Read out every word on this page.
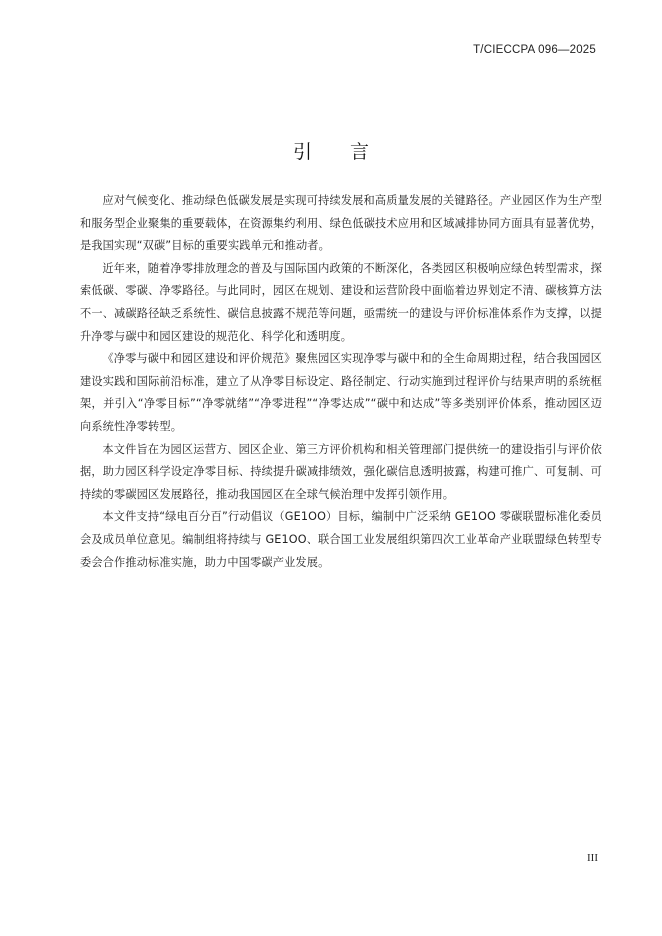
T/CIECCPA 096—2025
引 言

应对气候变化、推动绿色低碳发展是实现可持续发展和高质量发展的关键路径。产业园区作为生产型和服务型企业聚集的重要载体，在资源集约利用、绿色低碳技术应用和区域减排协同方面具有显著优势，是我国实现“双碳”目标的重要实践单元和推动者。

近年来，随着净零排放理念的普及与国际国内政策的不断深化，各类园区积极响应绿色转型需求，探索低碳、零碳、净零路径。与此同时，园区在规划、建设和运营阶段中面临着边界划定不清、碳核算方法不一、减碳路径缺乏系统性、碳信息披露不规范等问题，亟需统一的建设与评价标准体系作为支撑，以提升净零与碳中和园区建设的规范化、科学化和透明度。

《净零与碳中和园区建设和评价规范》聚焦园区实现净零与碳中和的全生命周期过程，结合我国园区建设实践和国际前沿标准，建立了从净零目标设定、路径制定、行动实施到过程评价与结果声明的系统框架，并引入“净零目标”“净零就绪”“净零进程”“净零达成”“碳中和达成”等多类别评价体系，推动园区迈向系统性净零转型。

本文件旨在为园区运营方、园区企业、第三方评价机构和相关管理部门提供统一的建设指引与评价依据，助力园区科学设定净零目标、持续提升碳减排绩效，强化碳信息透明披露，构建可推广、可复制、可持续的零碳园区发展路径，推动我国园区在全球气候治理中发挥引领作用。

本文件支持“绿电百分百”行动倡议（GE1OO）目标，编制中广泛采纳 GE1OO 零碳联盟标准化委员会及成员单位意见。编制组将持续与 GE1OO、联合国工业发展组织第四次工业革命产业联盟绿色转型专委会合作推动标准实施，助力中国零碳产业发展。

III
